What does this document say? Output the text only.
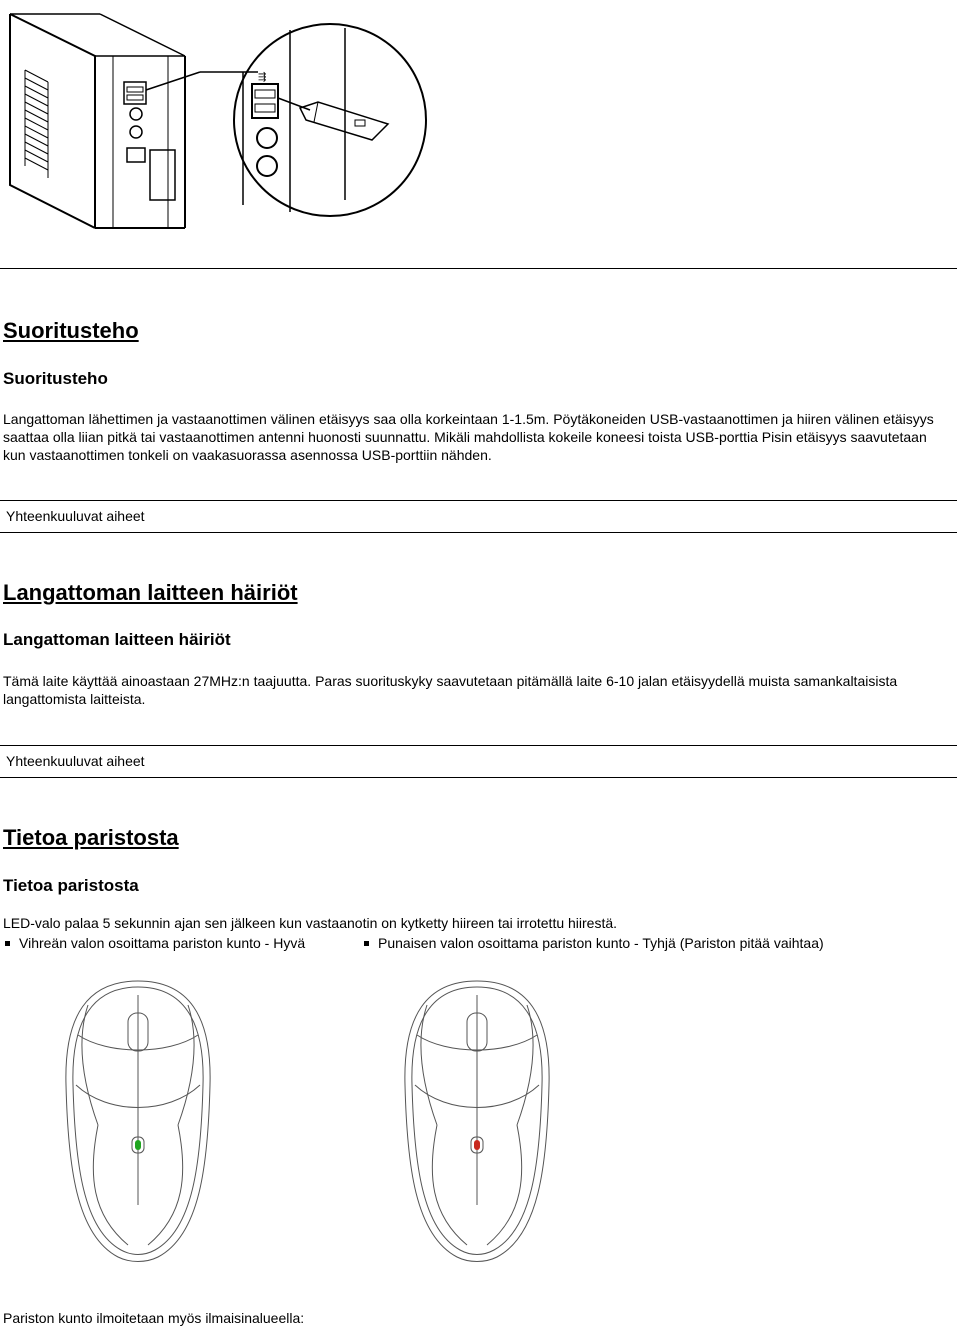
⇶
Suoritusteho
Suoritusteho

Langattoman lähettimen ja vastaanottimen välinen etäisyys saa olla korkeintaan 1-1.5m. Pöytäkoneiden USB-vastaanottimen ja hiiren välinen etäisyys saattaa olla liian pitkä tai vastaanottimen antenni huonosti suunnattu. Mikäli mahdollista kokeile koneesi toista USB-porttia Pisin etäisyys saavutetaan kun vastaanottimen tonkeli on vaakasuorassa asennossa USB-porttiin nähden.

Yhteenkuuluvat aiheet
Langattoman laitteen häiriöt
Langattoman laitteen häiriöt

Tämä laite käyttää ainoastaan 27MHz:n taajuutta. Paras suorituskyky saavutetaan pitämällä laite 6-10 jalan etäisyydellä muista samankaltaisista langattomista laitteista.

Yhteenkuuluvat aiheet
Tietoa paristosta
Tietoa paristosta

LED-valo palaa 5 sekunnin ajan sen jälkeen kun vastaanotin on kytketty hiireen tai irrotettu hiirestä.

Vihreän valon osoittama pariston kunto - Hyvä	Punaisen valon osoittama pariston kunto - Tyhjä (Pariston pitää vaihtaa)

Pariston kunto ilmoitetaan myös ilmaisinalueella:
